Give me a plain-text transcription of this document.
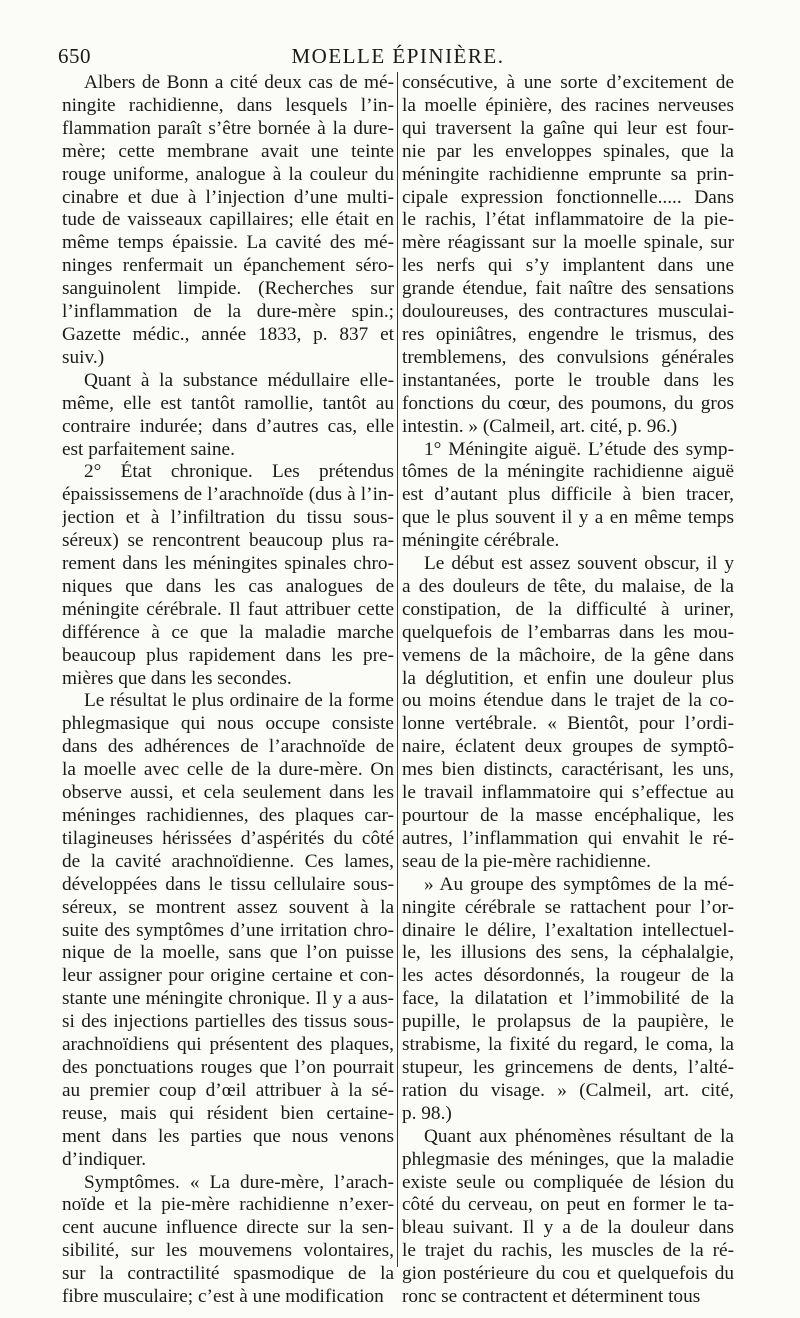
650	MOELLE ÉPINIÈRE.

Albers de Bonn a cité deux cas de mé-
ningite rachidienne, dans lesquels l’in-
flammation paraît s’être bornée à la dure-
mère; cette membrane avait une teinte
rouge uniforme, analogue à la couleur du
cinabre et due à l’injection d’une multi-
tude de vaisseaux capillaires; elle était en
même temps épaissie. La cavité des mé-
ninges renfermait un épanchement séro-
sanguinolent limpide. (Recherches sur
l’inflammation de la dure-mère spin.;
Gazette médic., année 1833, p. 837 et
suiv.)

Quant à la substance médullaire elle-
même, elle est tantôt ramollie, tantôt au
contraire indurée; dans d’autres cas, elle
est parfaitement saine.

2° État chronique. Les prétendus
épaississemens de l’arachnoïde (dus à l’in-
jection et à l’infiltration du tissu sous-
séreux) se rencontrent beaucoup plus ra-
rement dans les méningites spinales chro-
niques que dans les cas analogues de
méningite cérébrale. Il faut attribuer cette
différence à ce que la maladie marche
beaucoup plus rapidement dans les pre-
mières que dans les secondes.

Le résultat le plus ordinaire de la forme
phlegmasique qui nous occupe consiste
dans des adhérences de l’arachnoïde de
la moelle avec celle de la dure-mère. On
observe aussi, et cela seulement dans les
méninges rachidiennes, des plaques car-
tilagineuses hérissées d’aspérités du côté
de la cavité arachnoïdienne. Ces lames,
développées dans le tissu cellulaire sous-
séreux, se montrent assez souvent à la
suite des symptômes d’une irritation chro-
nique de la moelle, sans que l’on puisse
leur assigner pour origine certaine et con-
stante une méningite chronique. Il y a aus-
si des injections partielles des tissus sous-
arachnoïdiens qui présentent des plaques,
des ponctuations rouges que l’on pourrait
au premier coup d’œil attribuer à la sé-
reuse, mais qui résident bien certaine-
ment dans les parties que nous venons
d’indiquer.

Symptômes. « La dure-mère, l’arach-
noïde et la pie-mère rachidienne n’exer-
cent aucune influence directe sur la sen-
sibilité, sur les mouvemens volontaires,
sur la contractilité spasmodique de la
fibre musculaire; c’est à une modification

consécutive, à une sorte d’excitement de
la moelle épinière, des racines nerveuses
qui traversent la gaîne qui leur est four-
nie par les enveloppes spinales, que la
méningite rachidienne emprunte sa prin-
cipale expression fonctionnelle..... Dans
le rachis, l’état inflammatoire de la pie-
mère réagissant sur la moelle spinale, sur
les nerfs qui s’y implantent dans une
grande étendue, fait naître des sensations
douloureuses, des contractures musculai-
res opiniâtres, engendre le trismus, des
tremblemens, des convulsions générales
instantanées, porte le trouble dans les
fonctions du cœur, des poumons, du gros
intestin. » (Calmeil, art. cité, p. 96.)

1° Méningite aiguë. L’étude des symp-
tômes de la méningite rachidienne aiguë
est d’autant plus difficile à bien tracer,
que le plus souvent il y a en même temps
méningite cérébrale.

Le début est assez souvent obscur, il y
a des douleurs de tête, du malaise, de la
constipation, de la difficulté à uriner,
quelquefois de l’embarras dans les mou-
vemens de la mâchoire, de la gêne dans
la déglutition, et enfin une douleur plus
ou moins étendue dans le trajet de la co-
lonne vertébrale. « Bientôt, pour l’ordi-
naire, éclatent deux groupes de symptô-
mes bien distincts, caractérisant, les uns,
le travail inflammatoire qui s’effectue au
pourtour de la masse encéphalique, les
autres, l’inflammation qui envahit le ré-
seau de la pie-mère rachidienne.

» Au groupe des symptômes de la mé-
ningite cérébrale se rattachent pour l’or-
dinaire le délire, l’exaltation intellectuel-
le, les illusions des sens, la céphalalgie,
les actes désordonnés, la rougeur de la
face, la dilatation et l’immobilité de la
pupille, le prolapsus de la paupière, le
strabisme, la fixité du regard, le coma, la
stupeur, les grincemens de dents, l’alté-
ration du visage. » (Calmeil, art. cité,
p. 98.)

Quant aux phénomènes résultant de la
phlegmasie des méninges, que la maladie
existe seule ou compliquée de lésion du
côté du cerveau, on peut en former le ta-
bleau suivant. Il y a de la douleur dans
le trajet du rachis, les muscles de la ré-
gion postérieure du cou et quelquefois du
ronc se contractent et déterminent tous
